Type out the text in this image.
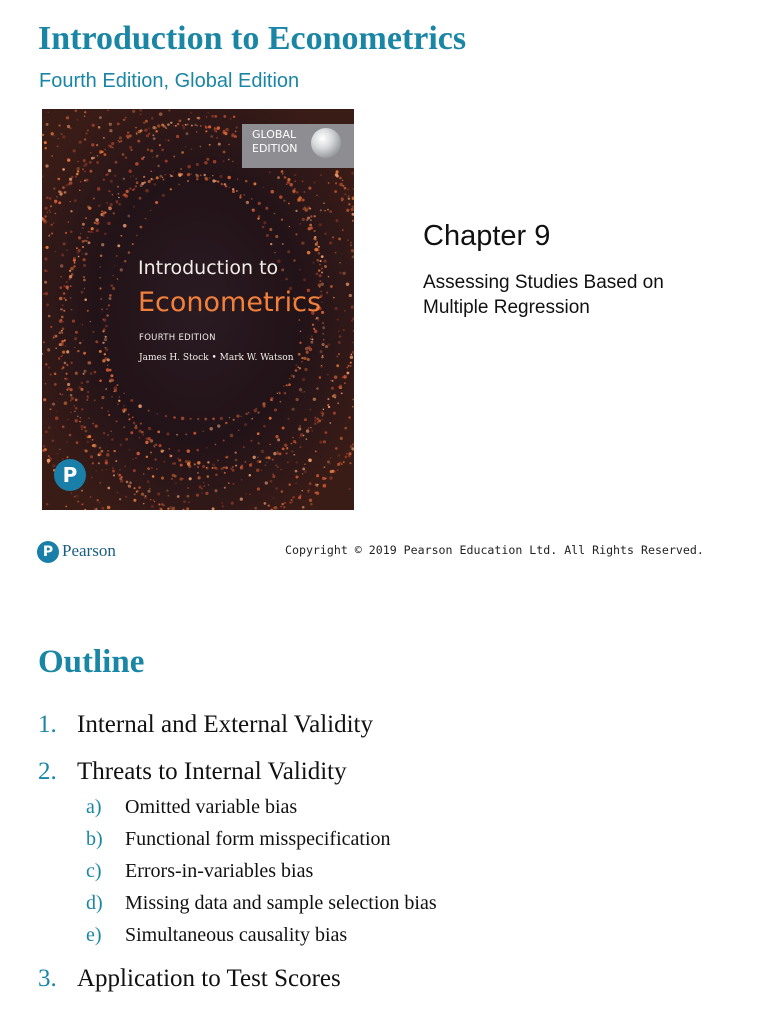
Introduction to Econometrics
Fourth Edition, Global Edition
GLOBAL
EDITION
Introduction to
Econometrics
FOURTH EDITION
James H. Stock • Mark W. Watson
P
Chapter 9
Assessing Studies Based on
Multiple Regression
P Pearson	Copyright © 2019 Pearson Education Ltd. All Rights Reserved.
Outline
1. Internal and External Validity
2. Threats to Internal Validity
a) Omitted variable bias
b) Functional form misspecification
c) Errors-in-variables bias
d) Missing data and sample selection bias
e) Simultaneous causality bias
3. Application to Test Scores
